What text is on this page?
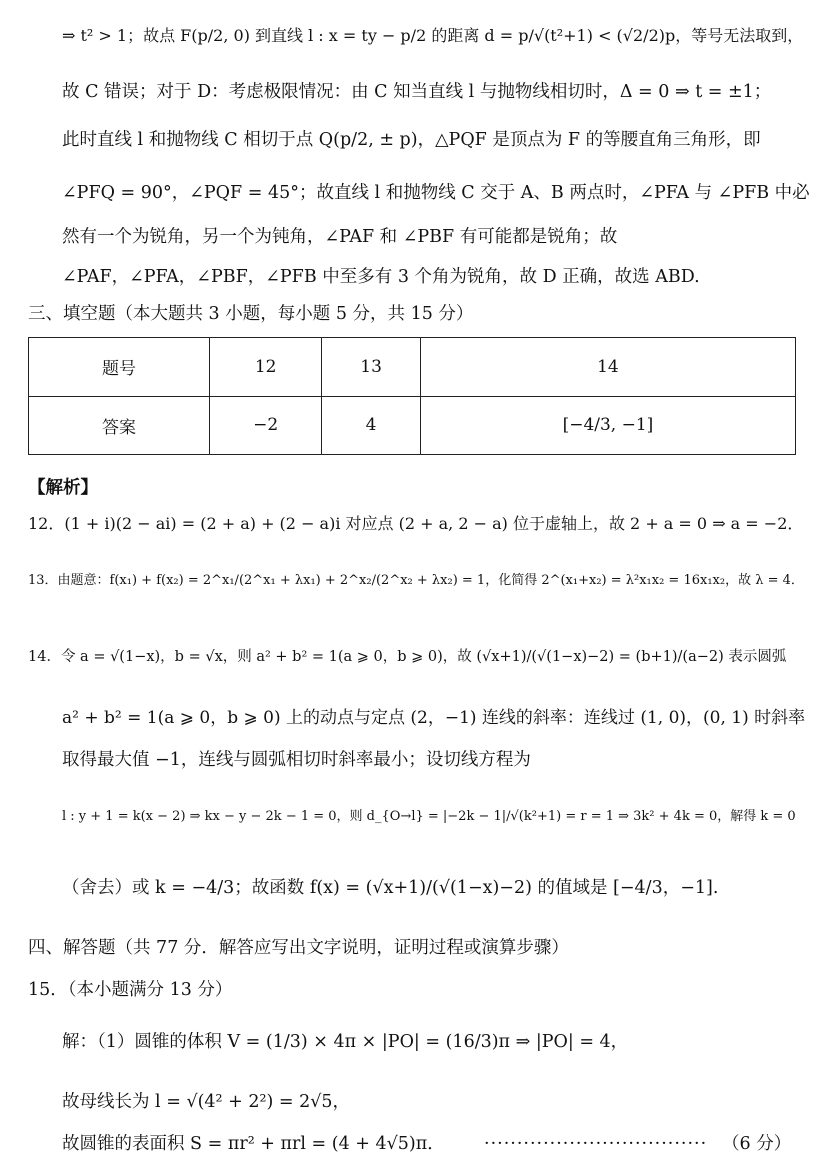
⇒ t² > 1；故点 F(p/2, 0) 到直线 l : x = ty − p/2 的距离 d = p/√(t²+1) < (√2/2)p，等号无法取到，
故 C 错误；对于 D：考虑极限情况：由 C 知当直线 l 与抛物线相切时，Δ = 0 ⇒ t = ±1；
此时直线 l 和抛物线 C 相切于点 Q(p/2, ± p)，△PQF 是顶点为 F 的等腰直角三角形，即
∠PFQ = 90°，∠PQF = 45°；故直线 l 和抛物线 C 交于 A、B 两点时，∠PFA 与 ∠PFB 中必
然有一个为锐角，另一个为钝角，∠PAF 和 ∠PBF 有可能都是锐角；故
∠PAF，∠PFA，∠PBF，∠PFB 中至多有 3 个角为锐角，故 D 正确，故选 ABD.
三、填空题（本大题共 3 小题，每小题 5 分，共 15 分）
题号	12	13	14
答案	−2	4	[−4/3, −1]
【解析】
12．(1 + i)(2 − ai) = (2 + a) + (2 − a)i 对应点 (2 + a, 2 − a) 位于虚轴上，故 2 + a = 0 ⇒ a = −2．
13．由题意：f(x₁) + f(x₂) = 2^x₁/(2^x₁ + λx₁) + 2^x₂/(2^x₂ + λx₂) = 1，化简得 2^(x₁+x₂) = λ²x₁x₂ = 16x₁x₂，故 λ = 4．
14．令 a = √(1−x)，b = √x，则 a² + b² = 1(a ⩾ 0，b ⩾ 0)，故 (√x+1)/(√(1−x)−2) = (b+1)/(a−2) 表示圆弧
a² + b² = 1(a ⩾ 0，b ⩾ 0) 上的动点与定点 (2，−1) 连线的斜率：连线过 (1, 0)，(0, 1) 时斜率
取得最大值 −1，连线与圆弧相切时斜率最小；设切线方程为
l : y + 1 = k(x − 2) ⇒ kx − y − 2k − 1 = 0，则 d_{O→l} = |−2k − 1|/√(k²+1) = r = 1 ⇒ 3k² + 4k = 0，解得 k = 0
（舍去）或 k = −4/3；故函数 f(x) = (√x+1)/(√(1−x)−2) 的值域是 [−4/3，−1].
四、解答题（共 77 分．解答应写出文字说明，证明过程或演算步骤）
15．（本小题满分 13 分）
解：（1）圆锥的体积 V = (1/3) × 4π × |PO| = (16/3)π ⇒ |PO| = 4，
故母线长为 l = √(4² + 2²) = 2√5，
故圆锥的表面积 S = πr² + πrl = (4 + 4√5)π． ·································· （6 分）
